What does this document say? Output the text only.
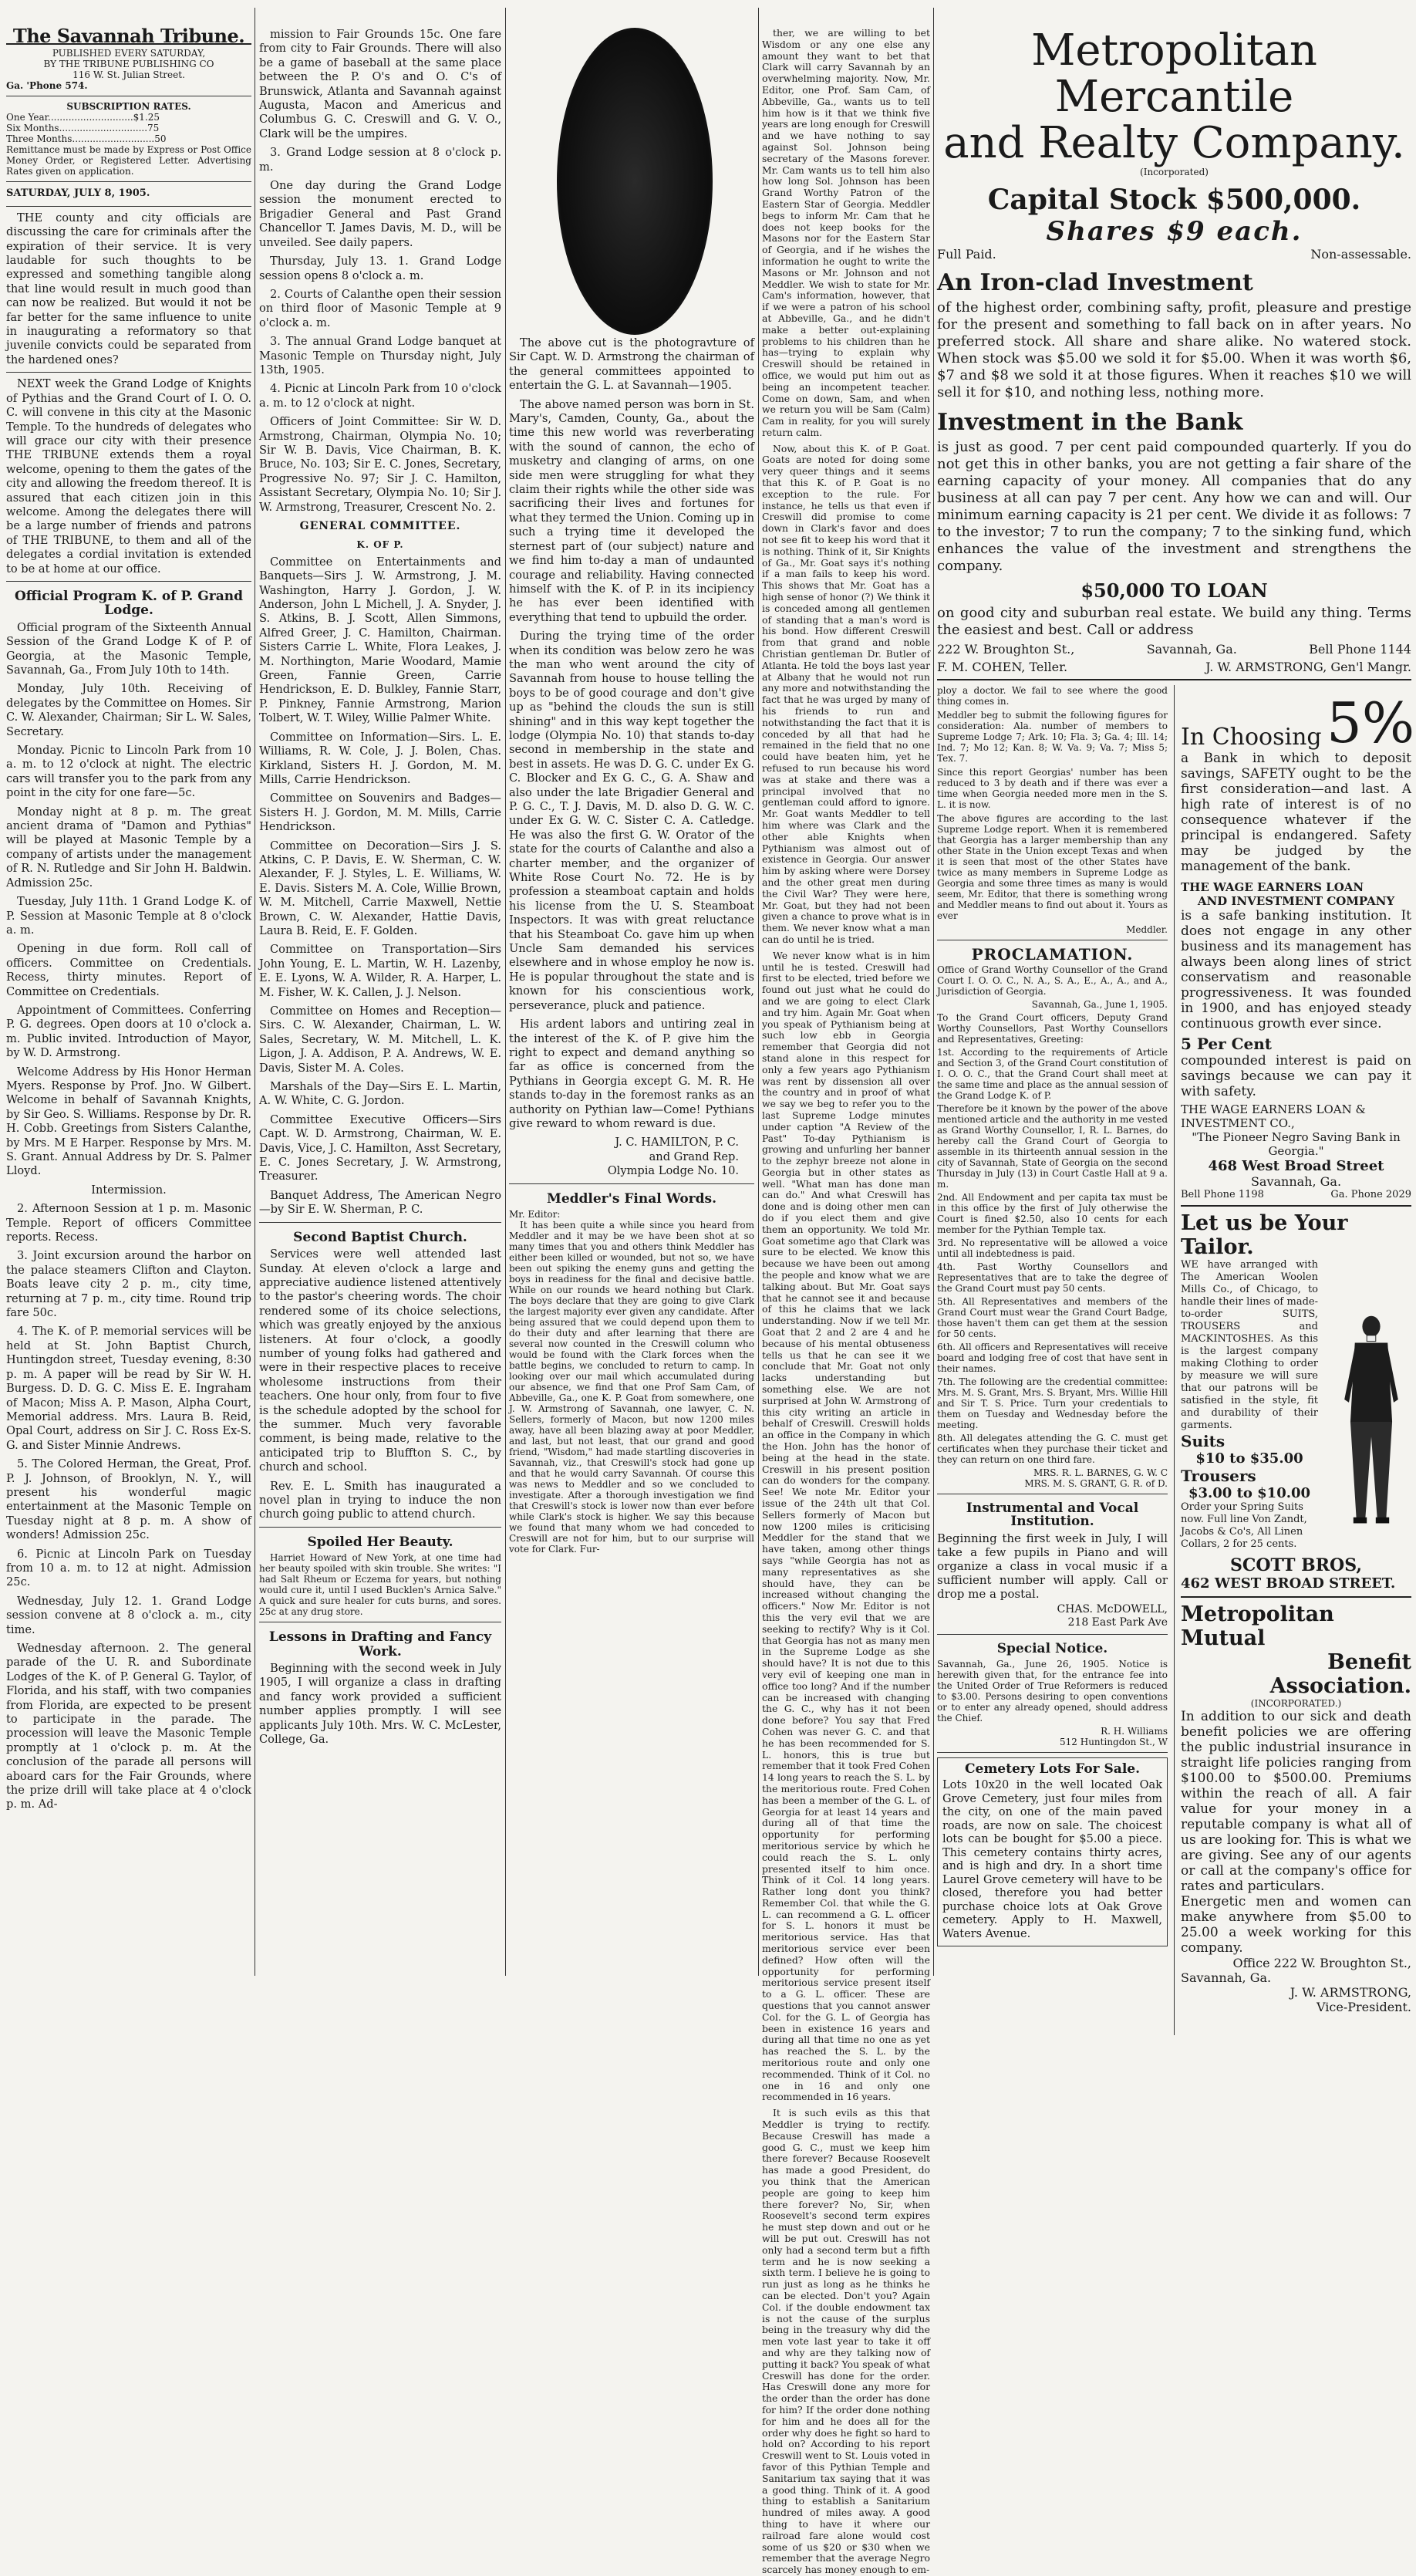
The Savannah Tribune.
PUBLISHED EVERY SATURDAY,
BY THE TRIBUNE PUBLISHING CO
116 W. St. Julian Street.
Ga. 'Phone 574.
SUBSCRIPTION RATES.
One Year.............................$1.25
Six Months..............................75
Three Months............................50
Remittance must be made by Express or Post Office Money Order, or Registered Letter. Advertising Rates given on application.
SATURDAY, JULY 8, 1905.

THE county and city officials are discussing the care for criminals after the expiration of their service. It is very laudable for such thoughts to be expressed and something tangible along that line would result in much good than can now be realized. But would it not be far better for the same influence to unite in inaugurating a reformatory so that juvenile convicts could be separated from the hardened ones?

NEXT week the Grand Lodge of Knights of Pythias and the Grand Court of I. O. O. C. will convene in this city at the Masonic Temple. To the hundreds of delegates who will grace our city with their presence THE TRIBUNE extends them a royal welcome, opening to them the gates of the city and allowing the freedom thereof. It is assured that each citizen join in this welcome. Among the delegates there will be a large number of friends and patrons of THE TRIBUNE, to them and all of the delegates a cordial invitation is extended to be at home at our office.

Official Program K. of P. Grand Lodge.

Official program of the Sixteenth Annual Session of the Grand Lodge K of P. of Georgia, at the Masonic Temple, Savannah, Ga., From July 10th to 14th.

Monday, July 10th. Receiving of delegates by the Committee on Homes. Sir C. W. Alexander, Chairman; Sir L. W. Sales, Secretary.

Monday. Picnic to Lincoln Park from 10 a. m. to 12 o'clock at night. The electric cars will transfer you to the park from any point in the city for one fare—5c.

Monday night at 8 p. m. The great ancient drama of "Damon and Pythias" will be played at Masonic Temple by a company of artists under the management of R. N. Rutledge and Sir John H. Baldwin. Admission 25c.

Tuesday, July 11th. 1 Grand Lodge K. of P. Session at Masonic Temple at 8 o'clock a. m.

Opening in due form. Roll call of officers. Committee on Credentials. Recess, thirty minutes. Report of Committee on Credentials.

Appointment of Committees. Conferring P. G. degrees. Open doors at 10 o'clock a. m. Public invited. Introduction of Mayor, by W. D. Armstrong.

Welcome Address by His Honor Herman Myers. Response by Prof. Jno. W Gilbert. Welcome in behalf of Savannah Knights, by Sir Geo. S. Williams. Response by Dr. R. H. Cobb. Greetings from Sisters Calanthe, by Mrs. M E Harper. Response by Mrs. M. S. Grant. Annual Address by Dr. S. Palmer Lloyd.

Intermission.

2. Afternoon Session at 1 p. m. Masonic Temple. Report of officers Committee reports. Recess.

3. Joint excursion around the harbor on the palace steamers Clifton and Clayton. Boats leave city 2 p. m., city time, returning at 7 p. m., city time. Round trip fare 50c.

4. The K. of P. memorial services will be held at St. John Baptist Church, Huntingdon street, Tuesday evening, 8:30 p. m. A paper will be read by Sir W. H. Burgess. D. D. G. C. Miss E. E. Ingraham of Macon; Miss A. P. Mason, Alpha Court, Memorial address. Mrs. Laura B. Reid, Opal Court, address on Sir J. C. Ross Ex-S. G. and Sister Minnie Andrews.

5. The Colored Herman, the Great, Prof. P. J. Johnson, of Brooklyn, N. Y., will present his wonderful magic entertainment at the Masonic Temple on Tuesday night at 8 p. m. A show of wonders! Admission 25c.

6. Picnic at Lincoln Park on Tuesday from 10 a. m. to 12 at night. Admission 25c.

Wednesday, July 12. 1. Grand Lodge session convene at 8 o'clock a. m., city time.

Wednesday afternoon. 2. The general parade of the U. R. and Subordinate Lodges of the K. of P. General G. Taylor, of Florida, and his staff, with two companies from Florida, are expected to be present to participate in the parade. The procession will leave the Masonic Temple promptly at 1 o'clock p. m. At the conclusion of the parade all persons will aboard cars for the Fair Grounds, where the prize drill will take place at 4 o'clock p. m. Ad-

mission to Fair Grounds 15c. One fare from city to Fair Grounds. There will also be a game of baseball at the same place between the P. O's and O. C's of Brunswick, Atlanta and Savannah against Augusta, Macon and Americus and Columbus G. C. Creswill and G. V. O., Clark will be the umpires.

3. Grand Lodge session at 8 o'clock p. m.

One day during the Grand Lodge session the monument erected to Brigadier General and Past Grand Chancellor T. James Davis, M. D., will be unveiled. See daily papers.

Thursday, July 13. 1. Grand Lodge session opens 8 o'clock a. m.

2. Courts of Calanthe open their session on third floor of Masonic Temple at 9 o'clock a. m.

3. The annual Grand Lodge banquet at Masonic Temple on Thursday night, July 13th, 1905.

4. Picnic at Lincoln Park from 10 o'clock a. m. to 12 o'clock at night.

Officers of Joint Committee: Sir W. D. Armstrong, Chairman, Olympia No. 10; Sir W. B. Davis, Vice Chairman, B. K. Bruce, No. 103; Sir E. C. Jones, Secretary, Progressive No. 97; Sir J. C. Hamilton, Assistant Secretary, Olympia No. 10; Sir J. W. Armstrong, Treasurer, Crescent No. 2.

GENERAL COMMITTEE.
K. OF P.

Committee on Entertainments and Banquets—Sirs J. W. Armstrong, J. M. Washington, Harry J. Gordon, J. W. Anderson, John L Michell, J. A. Snyder, J. S. Atkins, B. J. Scott, Allen Simmons, Alfred Greer, J. C. Hamilton, Chairman. Sisters Carrie L. White, Flora Leakes, J. M. Northington, Marie Woodard, Mamie Green, Fannie Green, Carrie Hendrickson, E. D. Bulkley, Fannie Starr, P. Pinkney, Fannie Armstrong, Marion Tolbert, W. T. Wiley, Willie Palmer White.

Committee on Information—Sirs. L. E. Williams, R. W. Cole, J. J. Bolen, Chas. Kirkland, Sisters H. J. Gordon, M. M. Mills, Carrie Hendrickson.

Committee on Souvenirs and Badges—Sisters H. J. Gordon, M. M. Mills, Carrie Hendrickson.

Committee on Decoration—Sirs J. S. Atkins, C. P. Davis, E. W. Sherman, C. W. Alexander, F. J. Styles, L. E. Williams, W. E. Davis. Sisters M. A. Cole, Willie Brown, W. M. Mitchell, Carrie Maxwell, Nettie Brown, C. W. Alexander, Hattie Davis, Laura B. Reid, E. F. Golden.

Committee on Transportation—Sirs John Young, E. L. Martin, W. H. Lazenby, E. E. Lyons, W. A. Wilder, R. A. Harper, L. M. Fisher, W. K. Callen, J. J. Nelson.

Committee on Homes and Reception—Sirs. C. W. Alexander, Chairman, L. W. Sales, Secretary, W. M. Mitchell, L. K. Ligon, J. A. Addison, P. A. Andrews, W. E. Davis, Sister M. A. Coles.

Marshals of the Day—Sirs E. L. Martin, A. W. White, C. G. Jordon.

Committee Executive Officers—Sirs Capt. W. D. Armstrong, Chairman, W. E. Davis, Vice, J. C. Hamilton, Asst Secretary, E. C. Jones Secretary, J. W. Armstrong, Treasurer.

Banquet Address, The American Negro—by Sir E. W. Sherman, P. C.

Second Baptist Church.

Services were well attended last Sunday. At eleven o'clock a large and appreciative audience listened attentively to the pastor's cheering words. The choir rendered some of its choice selections, which was greatly enjoyed by the anxious listeners. At four o'clock, a goodly number of young folks had gathered and were in their respective places to receive wholesome instructions from their teachers. One hour only, from four to five is the schedule adopted by the school for the summer. Much very favorable comment, is being made, relative to the anticipated trip to Bluffton S. C., by church and school.

Rev. E. L. Smith has inaugurated a novel plan in trying to induce the non church going public to attend church.

Spoiled Her Beauty.

Harriet Howard of New York, at one time had her beauty spoiled with skin trouble. She writes: "I had Salt Rheum or Eczema for years, but nothing would cure it, until I used Bucklen's Arnica Salve." A quick and sure healer for cuts burns, and sores. 25c at any drug store.

Lessons in Drafting and Fancy Work.

Beginning with the second week in July 1905, I will organize a class in drafting and fancy work provided a sufficient number applies promptly. I will see applicants July 10th. Mrs. W. C. McLester, College, Ga.

The above cut is the photogravture of Sir Capt. W. D. Armstrong the chairman of the general committees appointed to entertain the G. L. at Savannah—1905.

The above named person was born in St. Mary's, Camden, County, Ga., about the time this new world was reverberating with the sound of cannon, the echo of musketry and clanging of arms, on one side men were struggling for what they claim their rights while the other side was sacrificing their lives and fortunes for what they termed the Union. Coming up in such a trying time it developed the sternest part of (our subject) nature and we find him to-day a man of undaunted courage and reliability. Having connected himself with the K. of P. in its incipiency he has ever been identified with everything that tend to upbuild the order.

During the trying time of the order when its condition was below zero he was the man who went around the city of Savannah from house to house telling the boys to be of good courage and don't give up as "behind the clouds the sun is still shining" and in this way kept together the lodge (Olympia No. 10) that stands to-day second in membership in the state and best in assets. He was D. G. C. under Ex G. C. Blocker and Ex G. C., G. A. Shaw and also under the late Brigadier General and P. G. C., T. J. Davis, M. D. also D. G. W. C. under Ex G. W. C. Sister C. A. Catledge. He was also the first G. W. Orator of the state for the courts of Calanthe and also a charter member, and the organizer of White Rose Court No. 72. He is by profession a steamboat captain and holds his license from the U. S. Steamboat Inspectors. It was with great reluctance that his Steamboat Co. gave him up when Uncle Sam demanded his services elsewhere and in whose employ he now is. He is popular throughout the state and is known for his conscientious work, perseverance, pluck and patience.

His ardent labors and untiring zeal in the interest of the K. of P. give him the right to expect and demand anything so far as office is concerned from the Pythians in Georgia except G. M. R. He stands to-day in the foremost ranks as an authority on Pythian law—Come! Pythians give reward to whom reward is due.

J. C. HAMILTON, P. C.
and Grand Rep.
Olympia Lodge No. 10.
Meddler's Final Words.
Mr. Editor:

It has been quite a while since you heard from Meddler and it may be we have been shot at so many times that you and others think Meddler has either been killed or wounded, but not so, we have been out spiking the enemy guns and getting the boys in readiness for the final and decisive battle. While on our rounds we heard nothing but Clark. The boys declare that they are going to give Clark the largest majority ever given any candidate. After being assured that we could depend upon them to do their duty and after learning that there are several now counted in the Creswill column who would be found with the Clark forces when the battle begins, we concluded to return to camp. In looking over our mail which accumulated during our absence, we find that one Prof Sam Cam, of Abbeville, Ga., one K. P. Goat from somewhere, one J. W. Armstrong of Savannah, one lawyer, C. N. Sellers, formerly of Macon, but now 1200 miles away, have all been blazing away at poor Meddler, and last, but not least, that our grand and good friend, "Wisdom," had made startling discoveries in Savannah, viz., that Creswill's stock had gone up and that he would carry Savannah. Of course this was news to Meddler and so we concluded to investigate. After a thorough investigation we find that Creswill's stock is lower now than ever before while Clark's stock is higher. We say this because we found that many whom we had conceded to Creswill are not for him, but to our surprise will vote for Clark. Fur-

ther, we are willing to bet Wisdom or any one else any amount they want to bet that Clark will carry Savannah by an overwhelming majority. Now, Mr. Editor, one Prof. Sam Cam, of Abbeville, Ga., wants us to tell him how is it that we think five years are long enough for Creswill and we have nothing to say against Sol. Johnson being secretary of the Masons forever. Mr. Cam wants us to tell him also how long Sol. Johnson has been Grand Worthy Patron of the Eastern Star of Georgia. Meddler begs to inform Mr. Cam that he does not keep books for the Masons nor for the Eastern Star of Georgia, and if he wishes the information he ought to write the Masons or Mr. Johnson and not Meddler. We wish to state for Mr. Cam's information, however, that if we were a patron of his school at Abbeville, Ga., and he didn't make a better out-explaining problems to his children than he has—trying to explain why Creswill should be retained in office, we would put him out as being an incompetent teacher. Come on down, Sam, and when we return you will be Sam (Calm) Cam in reality, for you will surely return calm.

Now, about this K. of P. Goat. Goats are noted for doing some very queer things and it seems that this K. of P. Goat is no exception to the rule. For instance, he tells us that even if Creswill did promise to come down in Clark's favor and does not see fit to keep his word that it is nothing. Think of it, Sir Knights of Ga., Mr. Goat says it's nothing if a man fails to keep his word. This shows that Mr. Goat has a high sense of honor (?) We think it is conceded among all gentlemen of standing that a man's word is his bond. How different Creswill from that grand and noble Christian gentleman Dr. Butler of Atlanta. He told the boys last year at Albany that he would not run any more and notwithstanding the fact that he was urged by many of his friends to run and notwithstanding the fact that it is conceded by all that had he remained in the field that no one could have beaten him, yet he refused to run because his word was at stake and there was a principal involved that no gentleman could afford to ignore. Mr. Goat wants Meddler to tell him where was Clark and the other able Knights when Pythianism was almost out of existence in Georgia. Our answer him by asking where were Dorsey and the other great men during the Civil War? They were here, Mr. Goat, but they had not been given a chance to prove what is in them. We never know what a man can do until he is tried.

We never know what is in him until he is tested. Creswill had first to be elected, tried before we found out just what he could do and we are going to elect Clark and try him. Again Mr. Goat when you speak of Pythianism being at such low ebb in Georgia remember that Georgia did not stand alone in this respect for only a few years ago Pythianism was rent by dissension all over the country and in proof of what we say we beg to refer you to the last Supreme Lodge minutes under caption "A Review of the Past" To-day Pythianism is growing and unfurling her banner to the zephyr breeze not alone in Georgia but in other states as well. "What man has done man can do." And what Creswill has done and is doing other men can do if you elect them and give them an opportunity. We told Mr. Goat sometime ago that Clark was sure to be elected. We know this because we have been out among the people and know what we are talking about. But Mr. Goat says that he cannot see it and because of this he claims that we lack understanding. Now if we tell Mr. Goat that 2 and 2 are 4 and he because of his mental obtuseness tells us that he can see it we conclude that Mr. Goat not only lacks understanding but something else. We are not surprised at John W. Armstrong of this city writing an article in behalf of Creswill. Creswill holds an office in the Company in which the Hon. John has the honor of being at the head in the state. Creswill in his present position can do wonders for the company. See! We note Mr. Editor your issue of the 24th ult that Col. Sellers formerly of Macon but now 1200 miles is criticising Meddler for the stand that we have taken, among other things says "while Georgia has not as many representatives as she should have, they can be increased without changing the officers." Now Mr. Editor is not this the very evil that we are seeking to rectify? Why is it Col. that Georgia has not as many men in the Supreme Lodge as she should have? It is not due to this very evil of keeping one man in office too long? And if the number can be increased with changing the G. C., why has it not been done before? You say that Fred Cohen was never G. C. and that he has been recommended for S. L. honors, this is true but remember that it took Fred Cohen 14 long years to reach the S. L. by the meritorious route. Fred Cohen has been a member of the G. L. of Georgia for at least 14 years and during all of that time the opportunity for performing meritorious service by which he could reach the S. L. only presented itself to him once. Think of it Col. 14 long years. Rather long dont you think? Remember Col. that while the G. L. can recommend a G. L. officer for S. L. honors it must be meritorious service. Has that meritorious service ever been defined? How often will the opportunity for performing meritorious service present itself to a G. L. officer. These are questions that you cannot answer Col. for the G. L. of Georgia has been in existence 16 years and during all that time no one as yet has reached the S. L. by the meritorious route and only one recommended. Think of it Col. no one in 16 and only one recommended in 16 years.

It is such evils as this that Meddler is trying to rectify. Because Creswill has made a good G. C., must we keep him there forever? Because Roosevelt has made a good President, do you think that the American people are going to keep him there forever? No, Sir, when Roosevelt's second term expires he must step down and out or he will be put out. Creswill has not only had a second term but a fifth term and he is now seeking a sixth term. I believe he is going to run just as long as he thinks he can be elected. Don't you? Again Col. if the double endowment tax is not the cause of the surplus being in the treasury why did the men vote last year to take it off and why are they talking now of putting it back? You speak of what Creswill has done for the order. Has Creswill done any more for the order than the order has done for him? If the order done nothing for him and he does all for the order why does he fight so hard to hold on? According to his report Creswill went to St. Louis voted in favor of this Pythian Temple and Sanitarium tax saying that it was a good thing. Think of it. A good thing to establish a Sanitarium hundred of miles away. A good thing to have it where our railroad fare alone would cost some of us $20 or $30 when we remember that the average Negro scarcely has money enough to em-

Metropolitan Mercantile
and Realty Company.
(Incorporated)
Capital Stock $500,000.
Shares $9 each.
Full Paid.	Non-assessable.
An Iron-clad Investment
of the highest order, combining safty, profit, pleasure and prestige for the present and something to fall back on in after years. No preferred stock. All share and share alike. No watered stock. When stock was $5.00 we sold it for $5.00. When it was worth $6, $7 and $8 we sold it at those figures. When it reaches $10 we will sell it for $10, and nothing less, nothing more.
Investment in the Bank
is just as good. 7 per cent paid compounded quarterly. If you do not get this in other banks, you are not getting a fair share of the earning capacity of your money. All companies that do any business at all can pay 7 per cent. Any how we can and will. Our minimum earning capacity is 21 per cent. We divide it as follows: 7 to the investor; 7 to run the company; 7 to the sinking fund, which enhances the value of the investment and strengthens the company.
$50,000 TO LOAN
on good city and suburban real estate. We build any thing. Terms the easiest and best. Call or address
222 W. Broughton St.,	Savannah, Ga.	Bell Phone 1144
F. M. COHEN, Teller.	J. W. ARMSTRONG, Gen'l Mangr.

ploy a doctor. We fail to see where the good thing comes in.

Meddler beg to submit the following figures for consideration: Ala. number of members to Supreme Lodge 7; Ark. 10; Fla. 3; Ga. 4; Ill. 14; Ind. 7; Mo 12; Kan. 8; W. Va. 9; Va. 7; Miss 5; Tex. 7.

Since this report Georgias' number has been reduced to 3 by death and if there was ever a time when Georgia needed more men in the S. L. it is now.

The above figures are according to the last Supreme Lodge report. When it is remembered that Georgia has a larger membership than any other State in the Union except Texas and when it is seen that most of the other States have twice as many members in Supreme Lodge as Georgia and some three times as many is would seem, Mr. Editor, that there is something wrong and Meddler means to find out about it. Yours as ever

Meddler.
PROCLAMATION.

Office of Grand Worthy Counsellor of the Grand Court I. O. O. C., N. A., S. A., E., A., A., and A., Jurisdiction of Georgia.

Savannah, Ga., June 1, 1905.

To the Grand Court officers, Deputy Grand Worthy Counsellors, Past Worthy Counsellors and Representatives, Greeting:

1st. According to the requirements of Article and Section 3, of the Grand Court constitution of I. O. O. C., that the Grand Court shall meet at the same time and place as the annual session of the Grand Lodge K. of P.

Therefore be it known by the power of the above mentioned article and the authority in me vested as Grand Worthy Counsellor, I, R. L. Barnes, do hereby call the Grand Court of Georgia to assemble in its thirteenth annual session in the city of Savannah, State of Georgia on the second Thursday in July (13) in Court Castle Hall at 9 a. m.

2nd. All Endowment and per capita tax must be in this office by the first of July otherwise the Court is fined $2.50, also 10 cents for each member for the Pythian Temple tax.

3rd. No representative will be allowed a voice until all indebtedness is paid.

4th. Past Worthy Counsellors and Representatives that are to take the degree of the Grand Court must pay 50 cents.

5th. All Representatives and members of the Grand Court must wear the Grand Court Badge, those haven't them can get them at the session for 50 cents.

6th. All officers and Representatives will receive board and lodging free of cost that have sent in their names.

7th. The following are the credential committee: Mrs. M. S. Grant, Mrs. S. Bryant, Mrs. Willie Hill and Sir T. S. Price. Turn your credentials to them on Tuesday and Wednesday before the meeting.

8th. All delegates attending the G. C. must get certificates when they purchase their ticket and they can return on one third fare.

MRS. R. L. BARNES, G. W. C
MRS. M. S. GRANT, G. R. of D.
Instrumental and Vocal Institution.

Beginning the first week in July, I will take a few pupils in Piano and will organize a class in vocal music if a sufficient number will apply. Call or drop me a postal.

CHAS. McDOWELL,
218 East Park Ave
Special Notice.

Savannah, Ga., June 26, 1905. Notice is herewith given that, for the entrance fee into the United Order of True Reformers is reduced to $3.00. Persons desiring to open conventions or to enter any already opened, should address the Chief.

R. H. Williams
512 Huntingdon St., W
Cemetery Lots For Sale.

Lots 10x20 in the well located Oak Grove Cemetery, just four miles from the city, on one of the main paved roads, are now on sale. The choicest lots can be bought for $5.00 a piece. This cemetery contains thirty acres, and is high and dry. In a short time Laurel Grove cemetery will have to be closed, therefore you had better purchase choice lots at Oak Grove cemetery. Apply to H. Maxwell, Waters Avenue.

In Choosing 5%
a Bank in which to deposit savings, SAFETY ought to be the first consideration—and last. A high rate of interest is of no consequence whatever if the principal is endangered. Safety may be judged by the management of the bank.
THE WAGE EARNERS LOAN
AND INVESTMENT COMPANY
is a safe banking institution. It does not engage in any other business and its management has always been along lines of strict conservatism and reasonable progressiveness. It was founded in 1900, and has enjoyed steady continuous growth ever since.
5 Per Cent
compounded interest is paid on savings because we can pay it with safety.
THE WAGE EARNERS LOAN & INVESTMENT CO.,
"The Pioneer Negro Saving Bank in Georgia."
468 West Broad Street
Savannah, Ga.
Bell Phone 1198	Ga. Phone 2029
Let us be Your Tailor.
WE have arranged with The American Woolen Mills Co., of Chicago, to handle their lines of made-to-order SUITS, TROUSERS and MACKINTOSHES. As this is the largest company making Clothing to order by measure we will sure that our patrons will be satisfied in the style, fit and durability of their garments.
Suits
$10 to $35.00
Trousers
$3.00 to $10.00
Order your Spring Suits now. Full line Von Zandt, Jacobs & Co's, All Linen Collars, 2 for 25 cents.
SCOTT BROS,
462 WEST BROAD STREET.
Metropolitan Mutual
Benefit Association.
(INCORPORATED.)
In addition to our sick and death benefit policies we are offering the public industrial insurance in straight life policies ranging from $100.00 to $500.00. Premiums within the reach of all. A fair value for your money in a reputable company is what all of us are looking for. This is what we are giving. See any of our agents or call at the company's office for rates and particulars.
Energetic men and women can make anywhere from $5.00 to 25.00 a week working for this company.
Office 222 W. Broughton St.,
Savannah, Ga.
J. W. ARMSTRONG,
Vice-President.
